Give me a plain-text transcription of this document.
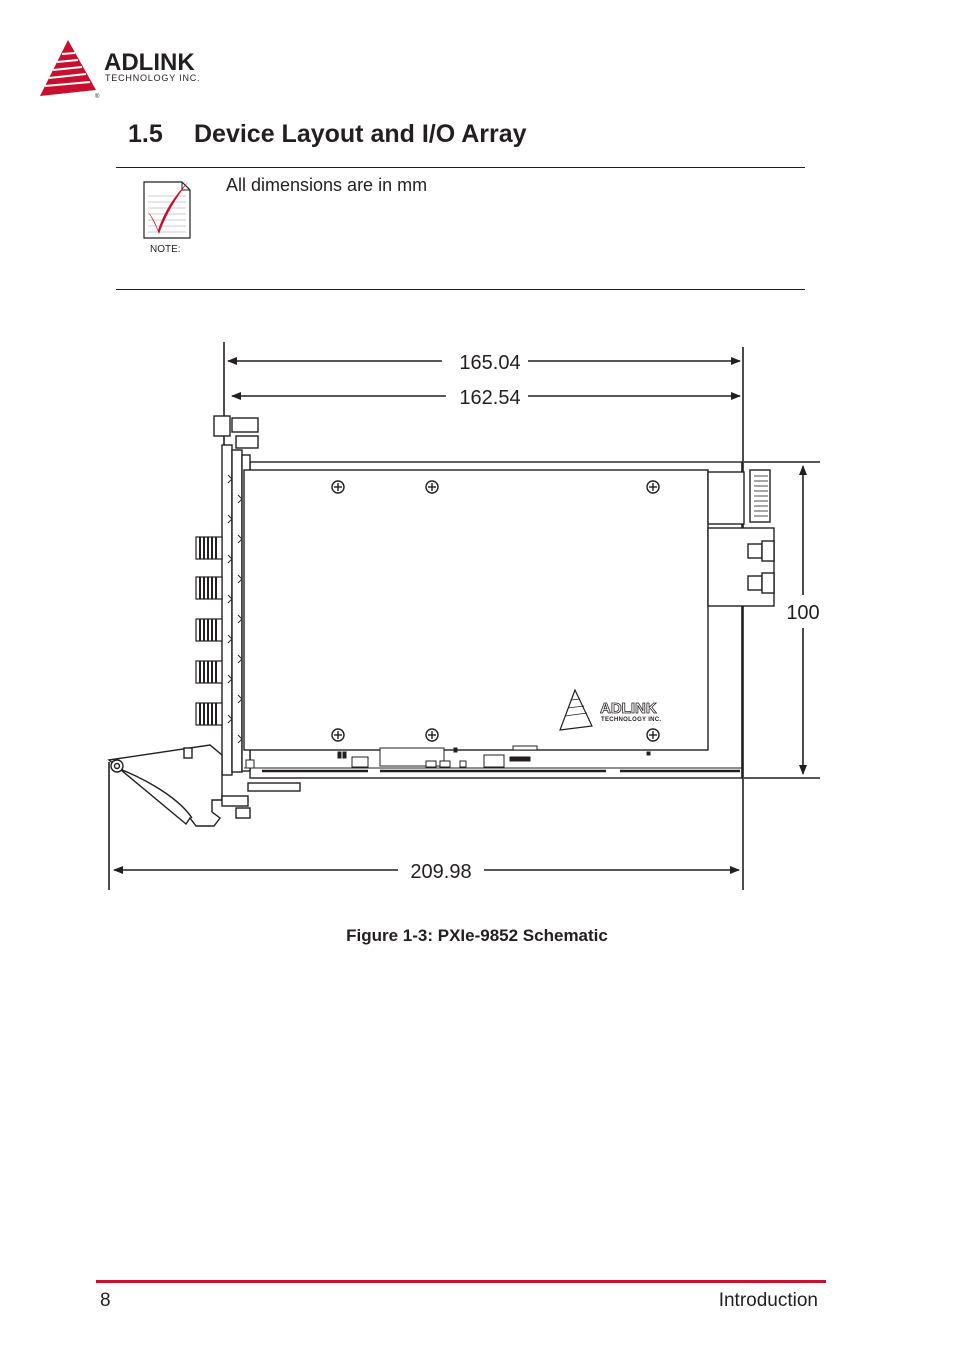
ADLINK
TECHNOLOGY INC.
®
1.5 Device Layout and I/O Array
NOTE:
All dimensions are in mm
165.04
162.54
100
209.98
ADLINK
TECHNOLOGY INC.
Figure 1-3: PXIe-9852 Schematic
8	Introduction
